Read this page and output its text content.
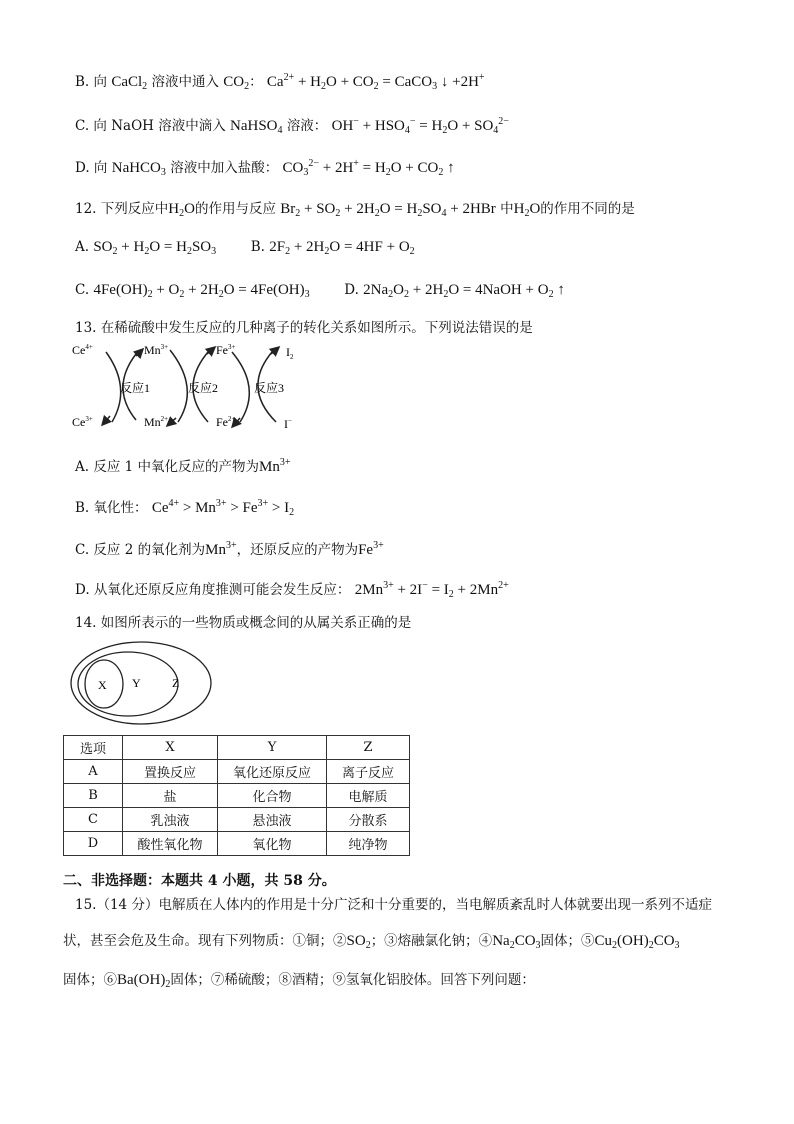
B. 向 CaCl$_2$ 溶液中通入 $CO_2$： $Ca^{2+} + H_2O + CO_2$ = CaCO$_3$ ↓ +2H+
C. 向 NaOH 溶液中滴入 NaHSO$_4$ 溶液： $OH^- + HSO_4^- = H_2O + SO_4^{2-}$
D. 向 NaHCO$_3$ 溶液中加入盐酸： $CO_3^{2-} + 2H^+ = H_2O + CO_2$ ↑
12. 下列反应中$H_2O$的作用与反应 $Br_2 + SO_2 + 2H_2O = H_2SO_4 + 2HBr$ 中$H_2O$的作用不同的是
A. $SO_2 + H_2O = H_2SO_3$	B. $2F_2 + 2H_2O = 4HF + O_2$
C. $4Fe(OH)_2 + O_2 + 2H_2O = 4Fe(OH)_3$	D. $2Na_2O_2 + 2H_2O$ = 4NaOH + $O_2$ ↑
13. 在稀硫酸中发生反应的几种离子的转化关系如图所示。下列说法错误的是
$Ce^{4+}$
$Ce^{3+}$
$Mn^{3+}$
$Mn^{2+}$
$Fe^{3+}$
$Fe^{2+}$
$I_2$
I−
反应1	反应2	反应3
A. 反应 1 中氧化反应的产物为$Mn^{3+}$
B. 氧化性： $Ce^{4+} > Mn^{3+} > Fe^{3+} > I_2$
C. 反应 2 的氧化剂为$Mn^{3+}$，还原反应的产物为$Fe^{3+}$
D. 从氧化还原反应角度推测可能会发生反应： $2Mn^{3+} + 2I^- = I_2 + 2Mn^{2+}$
14. 如图所表示的一些物质或概念间的从属关系正确的是
X Y	Z
选项	X	Y	Z
A	置换反应	氧化还原反应	离子反应
B	盐	化合物	电解质
C	乳浊液	悬浊液	分散系
D	酸性氧化物	氧化物	纯净物
二、非选择题：本题共 4 小题，共 58 分。
15.（14 分）电解质在人体内的作用是十分广泛和十分重要的，当电解质紊乱时人体就要出现一系列不适症
状，甚至会危及生命。现有下列物质：①铜；$②SO_2$；③熔融氯化钠；$④Na_2CO_3$固体；$⑤Cu_2(OH)_2CO_3$
固体；$⑥Ba(OH)_2$固体；⑦稀硫酸；⑧酒精；⑨氢氧化铝胶体。回答下列问题：
